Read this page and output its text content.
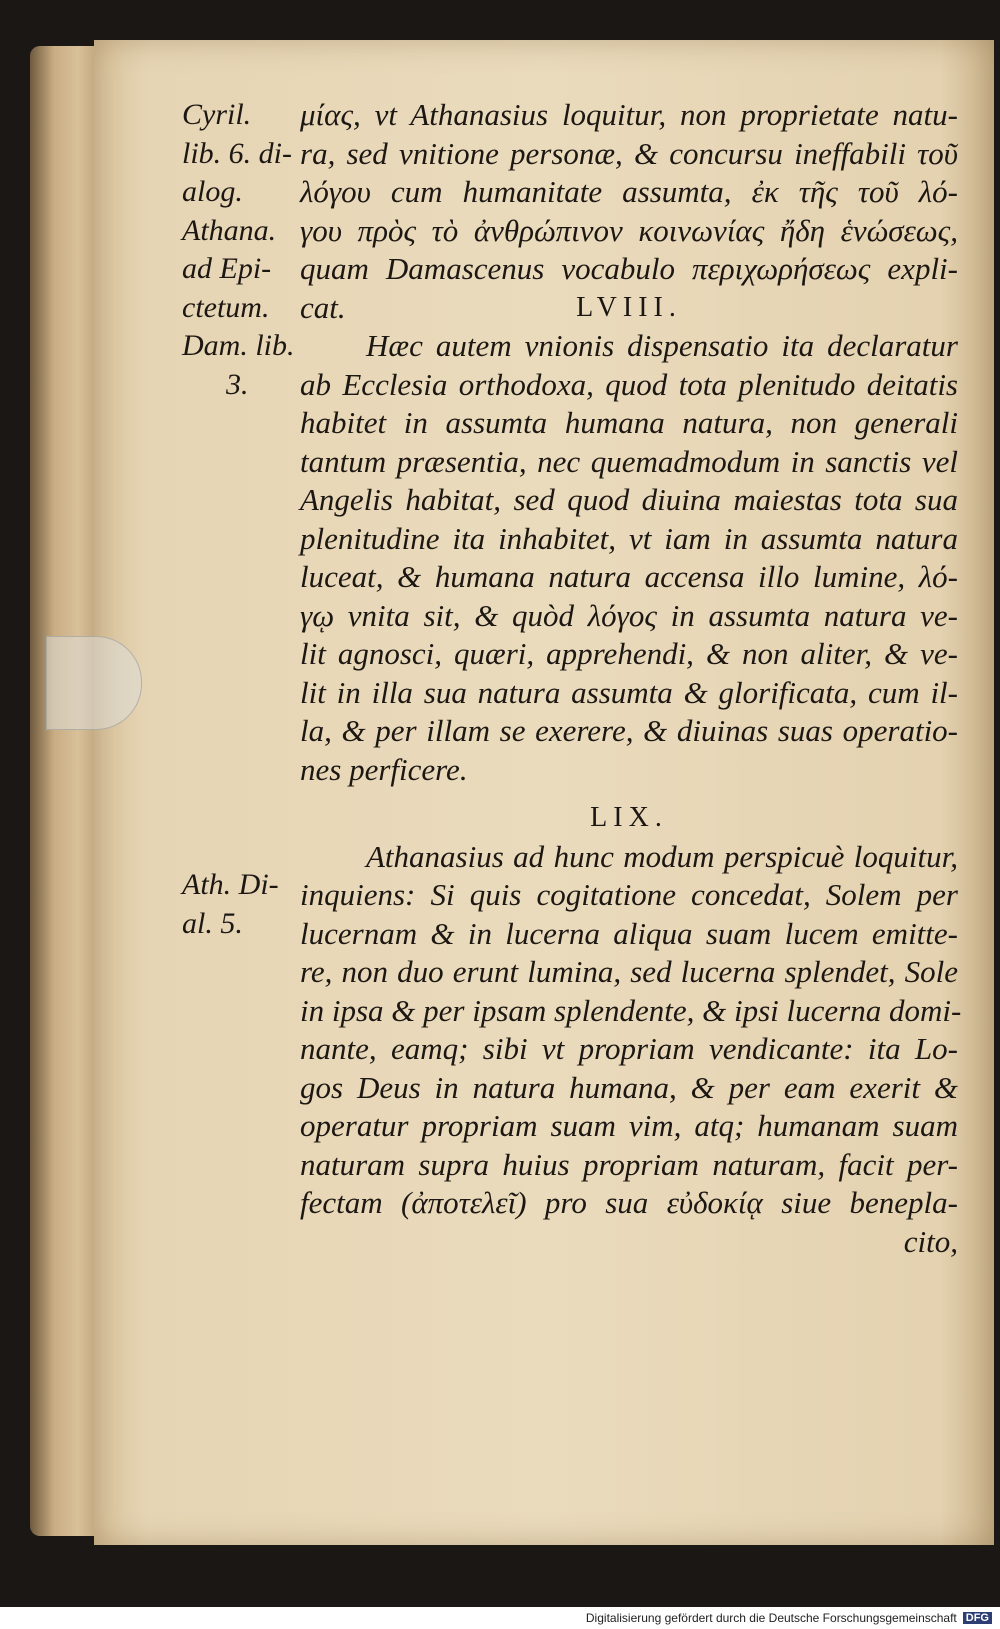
Cyril.
lib. 6. di-
alog.
Athana.
ad Epi-
ctetum.
Dam. lib.
3.
Ath. Di-
al. 5.
μίας, vt Athanasius loquitur, non proprietate natu-
ra, sed vnitione personæ, & concursu ineffabili τοῦ
λόγου cum humanitate assumta, ἐκ τῆς τοῦ λό-
γου πρὸς τὸ ἀνθρώπινον κοινωνίας ἤδη ἑνώσεως,
quam Damascenus vocabulo περιχωρήσεως expli-
cat.	LVIII.
Hæc autem vnionis dispensatio ita declaratur
ab Ecclesia orthodoxa, quod tota plenitudo deitatis
habitet in assumta humana natura, non generali
tantum præsentia, nec quemadmodum in sanctis vel
Angelis habitat, sed quod diuina maiestas tota sua
plenitudine ita inhabitet, vt iam in assumta natura
luceat, & humana natura accensa illo lumine, λό-
γῳ vnita sit, & quòd λόγος in assumta natura ve-
lit agnosci, quæri, apprehendi, & non aliter, & ve-
lit in illa sua natura assumta & glorificata, cum il-
la, & per illam se exerere, & diuinas suas operatio-
nes perficere.
LIX.
Athanasius ad hunc modum perspicuè loquitur,
inquiens: Si quis cogitatione concedat, Solem per
lucernam & in lucerna aliqua suam lucem emitte-
re, non duo erunt lumina, sed lucerna splendet, Sole
in ipsa & per ipsam splendente, & ipsi lucerna domi-
nante, eamq; sibi vt propriam vendicante: ita Lo-
gos Deus in natura humana, & per eam exerit &
operatur propriam suam vim, atq; humanam suam
naturam supra huius propriam naturam, facit per-
fectam (ἀποτελεῖ) pro sua εὐδοκίᾳ siue benepla-
cito,
Digitalisierung gefördert durch die Deutsche Forschungsgemeinschaft DFG
